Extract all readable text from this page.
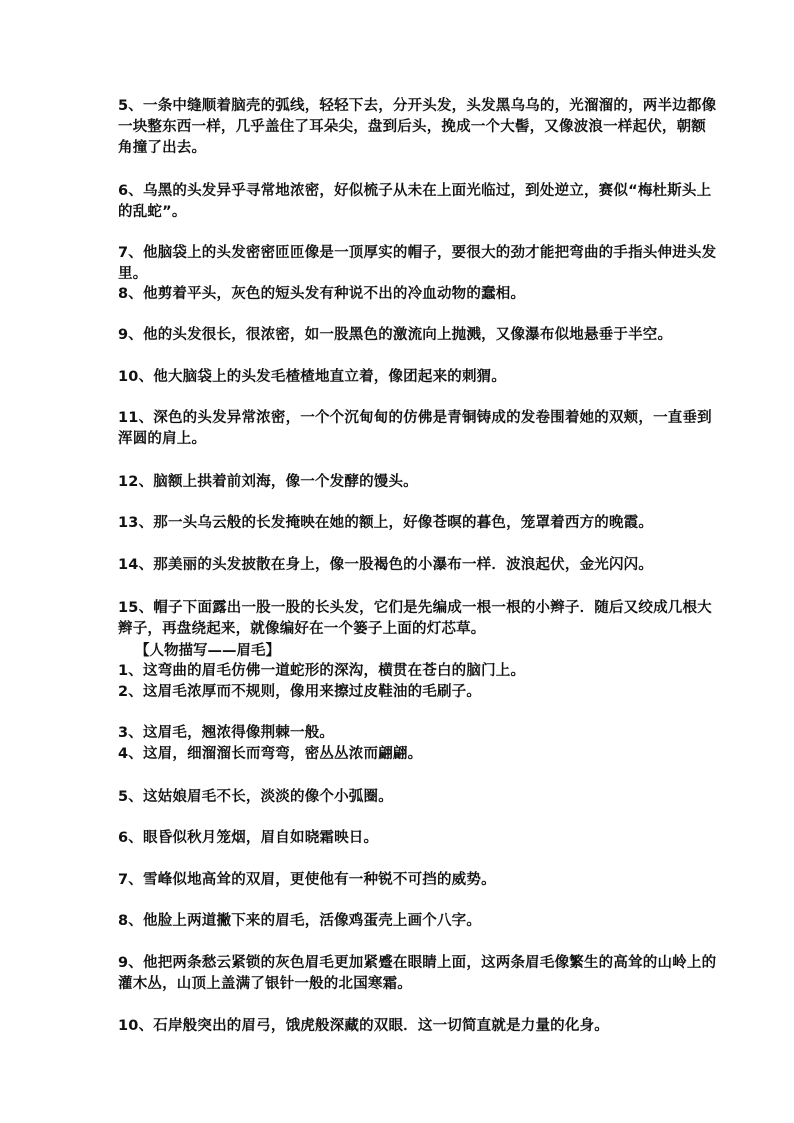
5、一条中缝顺着脑壳的弧线，轻轻下去，分开头发，头发黑乌乌的，光溜溜的，两半边都像一块整东西一样，几乎盖住了耳朵尖，盘到后头，挽成一个大髻，又像波浪一样起伏，朝额角撞了出去。
6、乌黑的头发异乎寻常地浓密，好似梳子从未在上面光临过，到处逆立，赛似“梅杜斯头上的乱蛇”。
7、他脑袋上的头发密密匝匝像是一顶厚实的帽子，要很大的劲才能把弯曲的手指头伸进头发里。
8、他剪着平头，灰色的短头发有种说不出的冷血动物的蠢相。
9、他的头发很长，很浓密，如一股黑色的激流向上抛溅，又像瀑布似地悬垂于半空。
10、他大脑袋上的头发毛楂楂地直立着，像团起来的刺猬。
11、深色的头发异常浓密，一个个沉甸甸的仿佛是青铜铸成的发卷围着她的双颊，一直垂到浑圆的肩上。
12、脑额上拱着前刘海，像一个发酵的馒头。
13、那一头乌云般的长发掩映在她的额上，好像苍暝的暮色，笼罩着西方的晚霞。
14、那美丽的头发披散在身上，像一股褐色的小瀑布一样．波浪起伏，金光闪闪。
15、帽子下面露出一股一股的长头发，它们是先编成一根一根的小辫子．随后又绞成几根大辫子，再盘绕起来，就像编好在一个篓子上面的灯芯草。
【人物描写——眉毛】
1、这弯曲的眉毛仿佛一道蛇形的深沟，横贯在苍白的脑门上。
2、这眉毛浓厚而不规则，像用来擦过皮鞋油的毛刷子。
3、这眉毛，翘浓得像荆棘一般。
4、这眉，细溜溜长而弯弯，密丛丛浓而翩翩。
5、这姑娘眉毛不长，淡淡的像个小弧圈。
6、眼昏似秋月笼烟，眉自如晓霜映日。
7、雪峰似地高耸的双眉，更使他有一种锐不可挡的威势。
8、他脸上两道撇下来的眉毛，活像鸡蛋壳上画个八字。
9、他把两条愁云紧锁的灰色眉毛更加紧蹙在眼睛上面，这两条眉毛像繁生的高耸的山岭上的灌木丛，山顶上盖满了银针一般的北国寒霜。
10、石岸般突出的眉弓，饿虎般深藏的双眼．这一切简直就是力量的化身。
